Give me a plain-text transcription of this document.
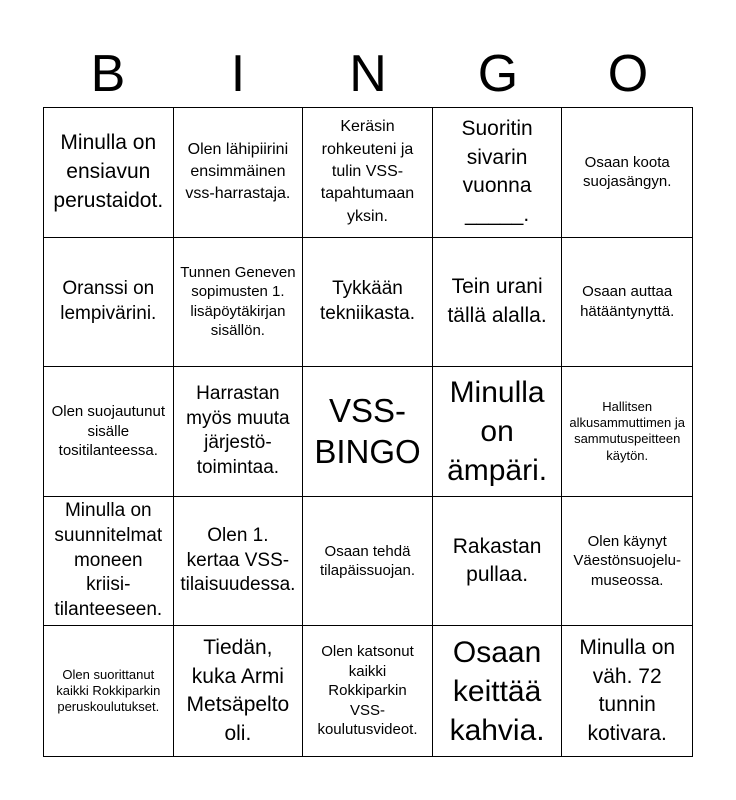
B	I	N	G	O
Minulla on ensiavun perustaidot.
Olen lähipiirini ensimmäinen vss-harrastaja.
Keräsin rohkeuteni ja tulin VSS-tapahtumaan yksin.
Suoritin sivarin vuonna _____.
Osaan koota suojasängyn.
Oranssi on lempivärini.
Tunnen Geneven sopimusten 1. lisäpöytäkirjan sisällön.
Tykkään tekniikasta.
Tein urani tällä alalla.
Osaan auttaa hätääntynyttä.
Olen suojautunut sisälle tositilanteessa.
Harrastan myös muuta järjestö-toimintaa.
VSS-BINGO
Minulla on ämpäri.
Hallitsen alkusammuttimen ja sammutuspeitteen käytön.
Minulla on suunnitelmat moneen kriisi-tilanteeseen.
Olen 1. kertaa VSS-tilaisuudessa.
Osaan tehdä tilapäissuojan.
Rakastan pullaa.
Olen käynyt Väestönsuojelu-museossa.
Olen suorittanut kaikki Rokkiparkin peruskoulutukset.
Tiedän, kuka Armi Metsäpelto oli.
Olen katsonut kaikki Rokkiparkin VSS-koulutusvideot.
Osaan keittää kahvia.
Minulla on väh. 72 tunnin kotivara.
